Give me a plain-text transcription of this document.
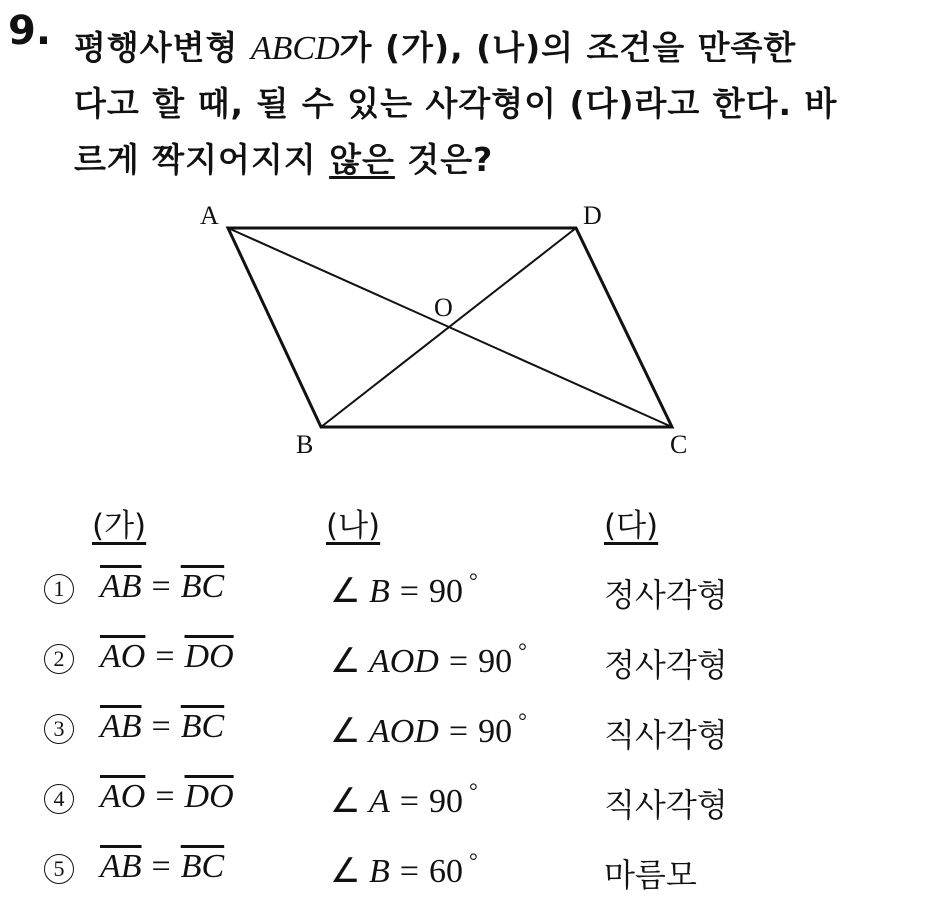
9. 평행사변형 ABCD가 (가), (나)의 조건을 만족한
다고 할 때, 될 수 있는 사각형이 (다)라고 한다. 바
르게 짝지어지지 않은 것은?
A
B	C
D
O
(가)	(나)	(다)
1 $\overline{AB} = \overline{BC}$	∠ B = 90 °	정사각형
2 $\overline{AO} = \overline{DO}$	∠ AOD = 90 ° 정사각형
3 $\overline{AB} = \overline{BC}$	∠ AOD = 90 ° 직사각형
4 $\overline{AO} = \overline{DO}$	∠ A = 90 °	직사각형
5 $\overline{AB} = \overline{BC}$	∠ B = 60 °	마름모
